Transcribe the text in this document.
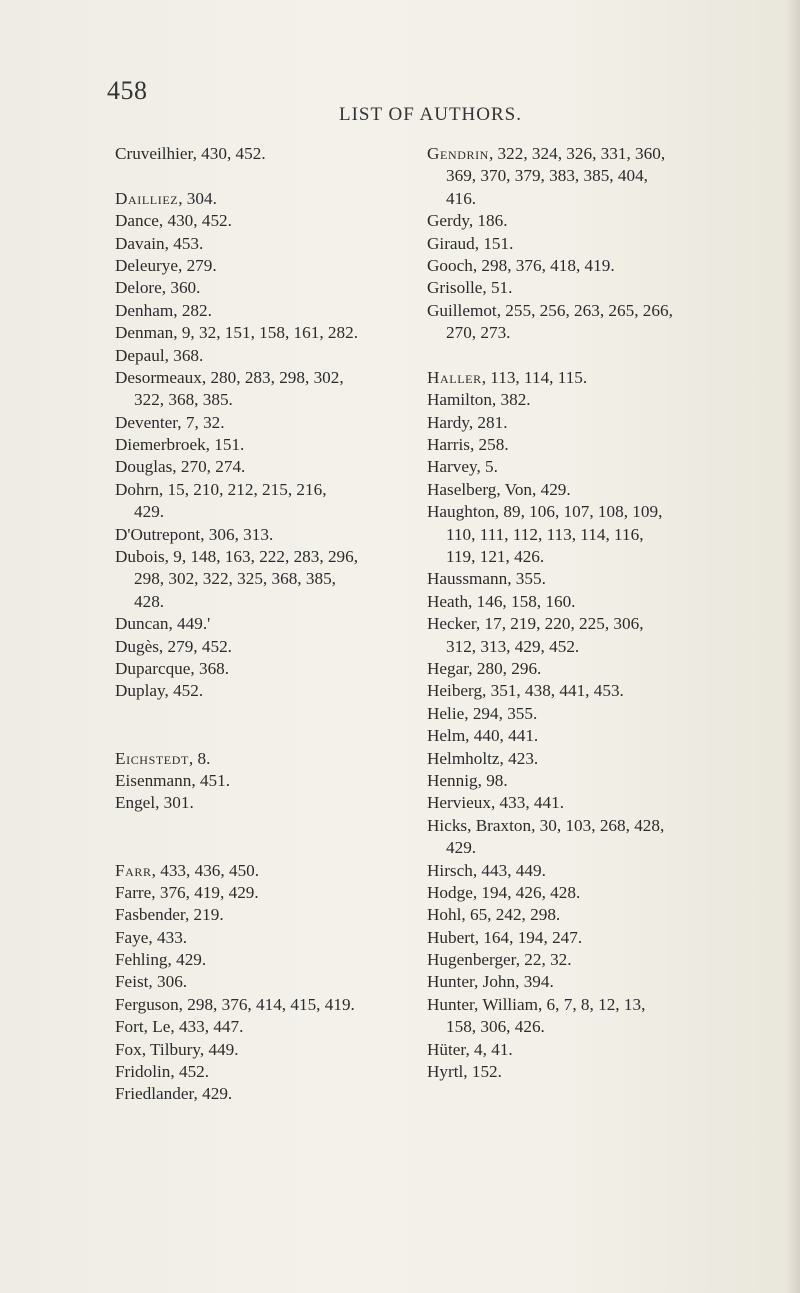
458
LIST OF AUTHORS.
Cruveilhier, 430, 452.
Dailliez, 304.
Dance, 430, 452.
Davain, 453.
Deleurye, 279.
Delore, 360.
Denham, 282.
Denman, 9, 32, 151, 158, 161, 282.
Depaul, 368.
Desormeaux, 280, 283, 298, 302,
322, 368, 385.
Deventer, 7, 32.
Diemerbroek, 151.
Douglas, 270, 274.
Dohrn, 15, 210, 212, 215, 216,
429.
D'Outrepont, 306, 313.
Dubois, 9, 148, 163, 222, 283, 296,
298, 302, 322, 325, 368, 385,
428.
Duncan, 449.'
Dugès, 279, 452.
Duparcque, 368.
Duplay, 452.
Eichstedt, 8.
Eisenmann, 451.
Engel, 301.
Farr, 433, 436, 450.
Farre, 376, 419, 429.
Fasbender, 219.
Faye, 433.
Fehling, 429.
Feist, 306.
Ferguson, 298, 376, 414, 415, 419.
Fort, Le, 433, 447.
Fox, Tilbury, 449.
Fridolin, 452.
Friedlander, 429.
Gendrin, 322, 324, 326, 331, 360,
369, 370, 379, 383, 385, 404,
416.
Gerdy, 186.
Giraud, 151.
Gooch, 298, 376, 418, 419.
Grisolle, 51.
Guillemot, 255, 256, 263, 265, 266,
270, 273.
Haller, 113, 114, 115.
Hamilton, 382.
Hardy, 281.
Harris, 258.
Harvey, 5.
Haselberg, Von, 429.
Haughton, 89, 106, 107, 108, 109,
110, 111, 112, 113, 114, 116,
119, 121, 426.
Haussmann, 355.
Heath, 146, 158, 160.
Hecker, 17, 219, 220, 225, 306,
312, 313, 429, 452.
Hegar, 280, 296.
Heiberg, 351, 438, 441, 453.
Helie, 294, 355.
Helm, 440, 441.
Helmholtz, 423.
Hennig, 98.
Hervieux, 433, 441.
Hicks, Braxton, 30, 103, 268, 428,
429.
Hirsch, 443, 449.
Hodge, 194, 426, 428.
Hohl, 65, 242, 298.
Hubert, 164, 194, 247.
Hugenberger, 22, 32.
Hunter, John, 394.
Hunter, William, 6, 7, 8, 12, 13,
158, 306, 426.
Hüter, 4, 41.
Hyrtl, 152.
